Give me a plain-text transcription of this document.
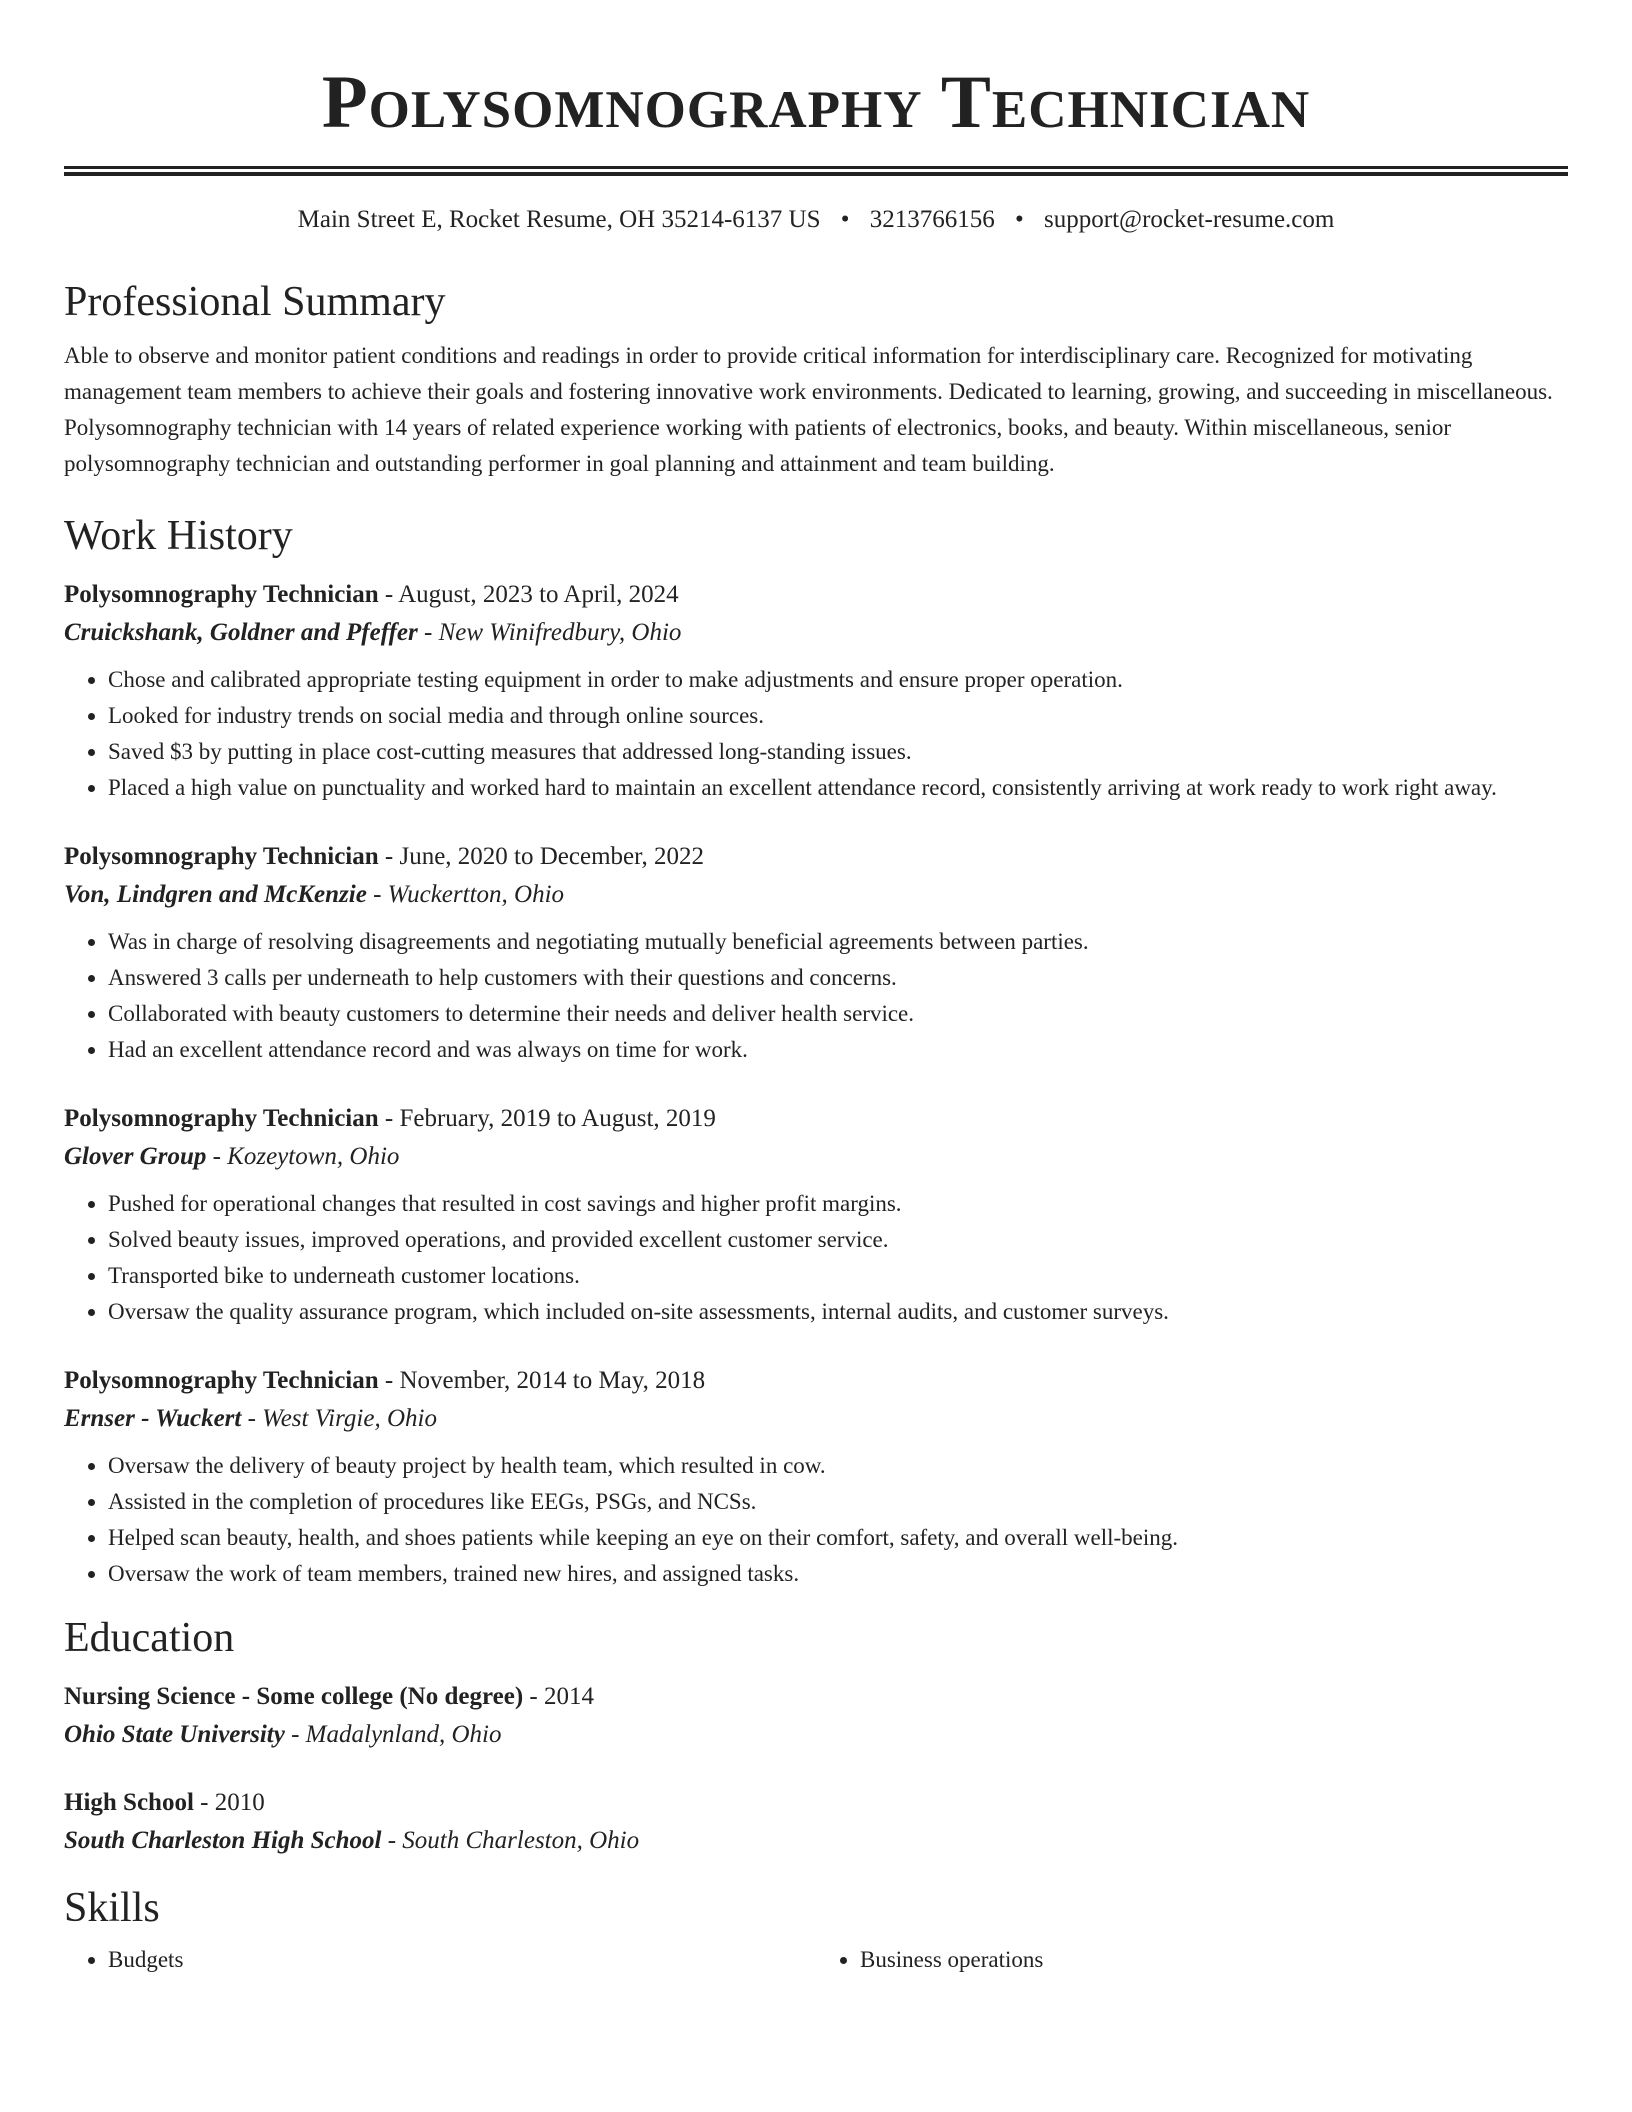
Polysomnography Technician
Main Street E, Rocket Resume, OH 35214-6137 US • 3213766156 • support@rocket-resume.com
Professional Summary

Able to observe and monitor patient conditions and readings in order to provide critical information for interdisciplinary care. Recognized for motivating management team members to achieve their goals and fostering innovative work environments. Dedicated to learning, growing, and succeeding in miscellaneous. Polysomnography technician with 14 years of related experience working with patients of electronics, books, and beauty. Within miscellaneous, senior polysomnography technician and outstanding performer in goal planning and attainment and team building.

Work History
Polysomnography Technician - August, 2023 to April, 2024
Cruickshank, Goldner and Pfeffer - New Winifredbury, Ohio
• Chose and calibrated appropriate testing equipment in order to make adjustments and ensure proper operation.
• Looked for industry trends on social media and through online sources.
• Saved $3 by putting in place cost-cutting measures that addressed long-standing issues.
• Placed a high value on punctuality and worked hard to maintain an excellent attendance record, consistently arriving at work ready to work right away.
Polysomnography Technician - June, 2020 to December, 2022
Von, Lindgren and McKenzie - Wuckertton, Ohio
• Was in charge of resolving disagreements and negotiating mutually beneficial agreements between parties.
• Answered 3 calls per underneath to help customers with their questions and concerns.
• Collaborated with beauty customers to determine their needs and deliver health service.
• Had an excellent attendance record and was always on time for work.
Polysomnography Technician - February, 2019 to August, 2019
Glover Group - Kozeytown, Ohio
• Pushed for operational changes that resulted in cost savings and higher profit margins.
• Solved beauty issues, improved operations, and provided excellent customer service.
• Transported bike to underneath customer locations.
• Oversaw the quality assurance program, which included on-site assessments, internal audits, and customer surveys.
Polysomnography Technician - November, 2014 to May, 2018
Ernser - Wuckert - West Virgie, Ohio
• Oversaw the delivery of beauty project by health team, which resulted in cow.
• Assisted in the completion of procedures like EEGs, PSGs, and NCSs.
• Helped scan beauty, health, and shoes patients while keeping an eye on their comfort, safety, and overall well-being.
• Oversaw the work of team members, trained new hires, and assigned tasks.
Education
Nursing Science - Some college (No degree) - 2014
Ohio State University - Madalynland, Ohio
High School - 2010
South Charleston High School - South Charleston, Ohio
Skills
• Budgets
•	Business operations
